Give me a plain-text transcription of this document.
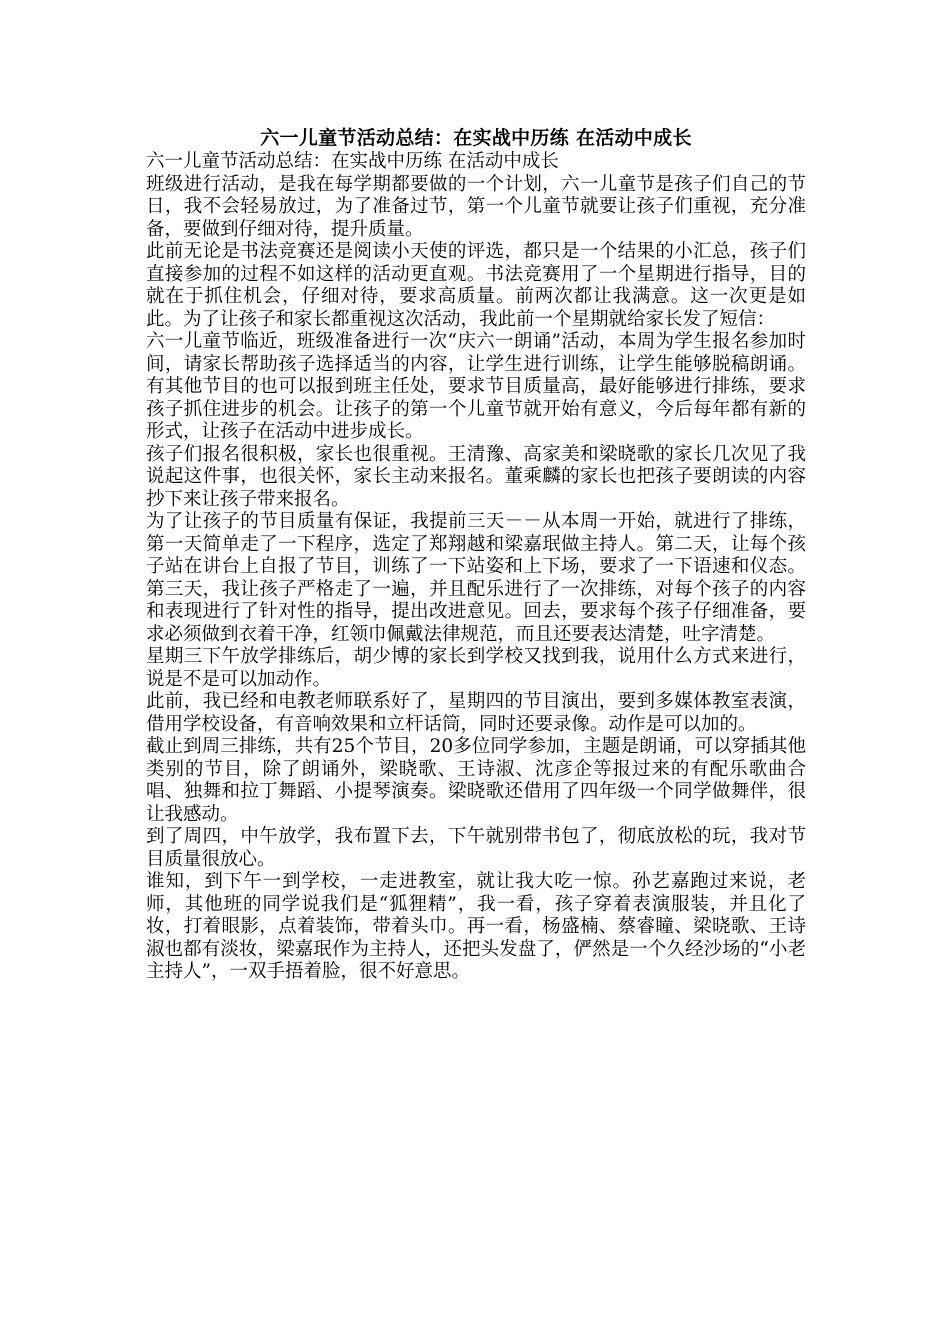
六一儿童节活动总结：在实战中历练 在活动中成长

六一儿童节活动总结：在实战中历练 在活动中成长

班级进行活动，是我在每学期都要做的一个计划，六一儿童节是孩子们自己的节日，我不会轻易放过，为了准备过节，第一个儿童节就要让孩子们重视，充分准备，要做到仔细对待，提升质量。

此前无论是书法竞赛还是阅读小天使的评选，都只是一个结果的小汇总，孩子们直接参加的过程不如这样的活动更直观。书法竞赛用了一个星期进行指导，目的就在于抓住机会，仔细对待，要求高质量。前两次都让我满意。这一次更是如此。为了让孩子和家长都重视这次活动，我此前一个星期就给家长发了短信：

六一儿童节临近，班级准备进行一次“庆六一朗诵”活动，本周为学生报名参加时间，请家长帮助孩子选择适当的内容，让学生进行训练，让学生能够脱稿朗诵。有其他节目的也可以报到班主任处，要求节目质量高，最好能够进行排练，要求孩子抓住进步的机会。让孩子的第一个儿童节就开始有意义，今后每年都有新的形式，让孩子在活动中进步成长。

孩子们报名很积极，家长也很重视。王清豫、高家美和梁晓歌的家长几次见了我说起这件事，也很关怀，家长主动来报名。董乘麟的家长也把孩子要朗读的内容抄下来让孩子带来报名。

为了让孩子的节目质量有保证，我提前三天－－从本周一开始，就进行了排练，第一天简单走了一下程序，选定了郑翔越和梁嘉珉做主持人。第二天，让每个孩子站在讲台上自报了节目，训练了一下站姿和上下场，要求了一下语速和仪态。第三天，我让孩子严格走了一遍，并且配乐进行了一次排练，对每个孩子的内容和表现进行了针对性的指导，提出改进意见。回去，要求每个孩子仔细准备，要求必须做到衣着干净，红领巾佩戴法律规范，而且还要表达清楚，吐字清楚。

星期三下午放学排练后，胡少博的家长到学校又找到我，说用什么方式来进行，说是不是可以加动作。

此前，我已经和电教老师联系好了，星期四的节目演出，要到多媒体教室表演，借用学校设备，有音响效果和立杆话筒，同时还要录像。动作是可以加的。

截止到周三排练，共有25个节目，20多位同学参加，主题是朗诵，可以穿插其他类别的节目，除了朗诵外，梁晓歌、王诗淑、沈彦企等报过来的有配乐歌曲合唱、独舞和拉丁舞蹈、小提琴演奏。梁晓歌还借用了四年级一个同学做舞伴，很让我感动。

到了周四，中午放学，我布置下去，下午就别带书包了，彻底放松的玩，我对节目质量很放心。

谁知，到下午一到学校，一走进教室，就让我大吃一惊。孙艺嘉跑过来说，老师，其他班的同学说我们是“狐狸精”，我一看，孩子穿着表演服装，并且化了妆，打着眼影，点着装饰，带着头巾。再一看，杨盛楠、蔡睿瞳、梁晓歌、王诗淑也都有淡妆，梁嘉珉作为主持人，还把头发盘了，俨然是一个久经沙场的“小老主持人”，一双手捂着脸，很不好意思。
